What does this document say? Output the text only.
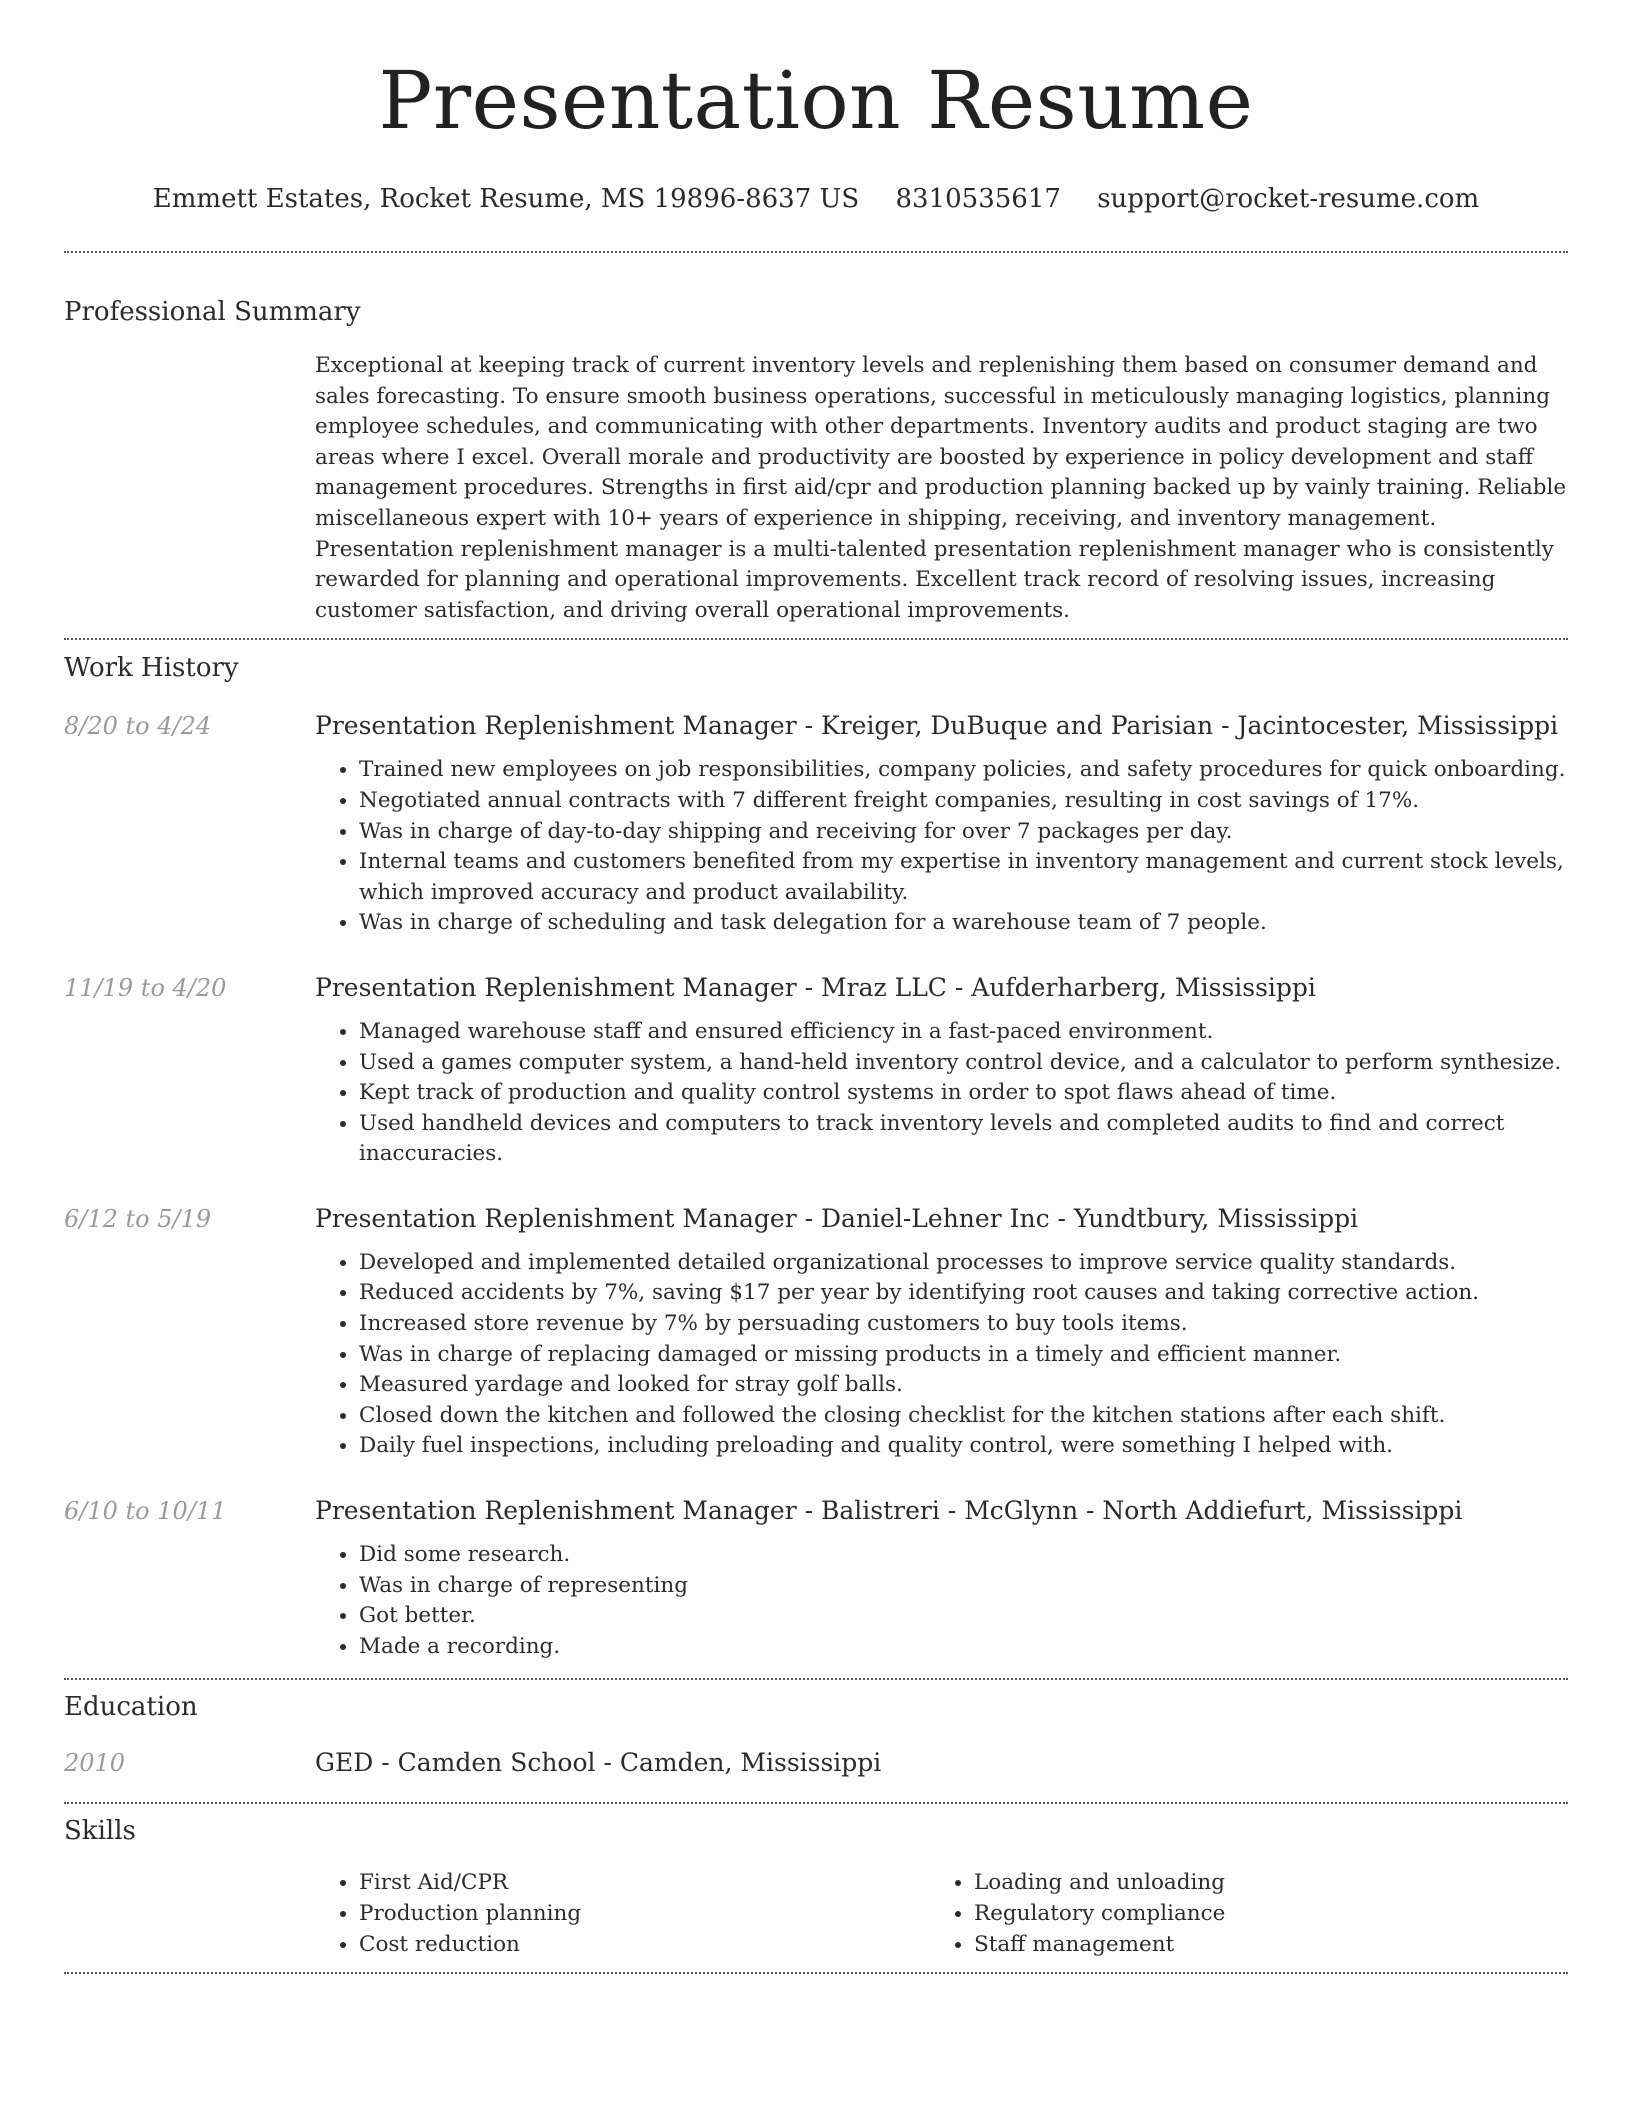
Presentation Resume
Emmett Estates, Rocket Resume, MS 19896-8637 US 8310535617 support@rocket-resume.com
Professional Summary

Exceptional at keeping track of current inventory levels and replenishing them based on consumer demand and sales forecasting. To ensure smooth business operations, successful in meticulously managing logistics, planning employee schedules, and communicating with other departments. Inventory audits and product staging are two areas where I excel. Overall morale and productivity are boosted by experience in policy development and staff management procedures. Strengths in first aid/cpr and production planning backed up by vainly training. Reliable miscellaneous expert with 10+ years of experience in shipping, receiving, and inventory management. Presentation replenishment manager is a multi-talented presentation replenishment manager who is consistently rewarded for planning and operational improvements. Excellent track record of resolving issues, increasing customer satisfaction, and driving overall operational improvements.

Work History
8/20 to 4/24	Presentation Replenishment Manager - Kreiger, DuBuque and Parisian - Jacintocester, Mississippi
• Trained new employees on job responsibilities, company policies, and safety procedures for quick onboarding.
• Negotiated annual contracts with 7 different freight companies, resulting in cost savings of 17%.
• Was in charge of day-to-day shipping and receiving for over 7 packages per day.
• Internal teams and customers benefited from my expertise in inventory management and current stock levels, which improved accuracy and product availability.
• Was in charge of scheduling and task delegation for a warehouse team of 7 people.
11/19 to 4/20	Presentation Replenishment Manager - Mraz LLC - Aufderharberg, Mississippi
• Managed warehouse staff and ensured efficiency in a fast-paced environment.
• Used a games computer system, a hand-held inventory control device, and a calculator to perform synthesize.
• Kept track of production and quality control systems in order to spot flaws ahead of time.
• Used handheld devices and computers to track inventory levels and completed audits to find and correct inaccuracies.
6/12 to 5/19	Presentation Replenishment Manager - Daniel-Lehner Inc - Yundtbury, Mississippi
• Developed and implemented detailed organizational processes to improve service quality standards.
• Reduced accidents by 7%, saving $17 per year by identifying root causes and taking corrective action.
• Increased store revenue by 7% by persuading customers to buy tools items.
• Was in charge of replacing damaged or missing products in a timely and efficient manner.
• Measured yardage and looked for stray golf balls.
• Closed down the kitchen and followed the closing checklist for the kitchen stations after each shift.
• Daily fuel inspections, including preloading and quality control, were something I helped with.
6/10 to 10/11	Presentation Replenishment Manager - Balistreri - McGlynn - North Addiefurt, Mississippi
• Did some research.
• Was in charge of representing
• Got better.
• Made a recording.
Education
2010	GED - Camden School - Camden, Mississippi
Skills
• First Aid/CPR
• Production planning
• Cost reduction
• Loading and unloading
• Regulatory compliance
• Staff management
